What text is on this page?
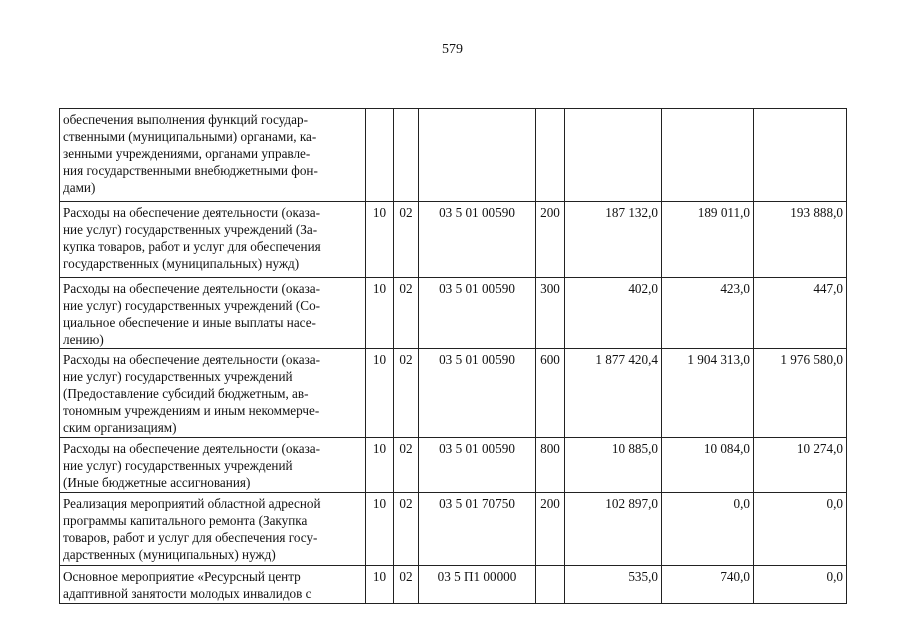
579
обеспечения выполнения функций государ-
ственными (муниципальными) органами, ка-
зенными учреждениями, органами управле-
ния государственными внебюджетными фон-
дами)							

Расходы на обеспечение деятельности (оказа-
ние услуг) государственных учреждений (За-
купка товаров, работ и услуг для обеспечения
государственных (муниципальных) нужд)	10	02	03 5 01 00590	200	187 132,0	189 011,0	193 888,0

Расходы на обеспечение деятельности (оказа-
ние услуг) государственных учреждений (Со-
циальное обеспечение и иные выплаты насе-
лению)	10	02	03 5 01 00590	300	402,0	423,0	447,0

Расходы на обеспечение деятельности (оказа-
ние услуг) государственных учреждений
(Предоставление субсидий бюджетным, ав-
тономным учреждениям и иным некоммерче-
ским организациям)	10	02	03 5 01 00590	600	1 877 420,4	1 904 313,0	1 976 580,0

Расходы на обеспечение деятельности (оказа-
ние услуг) государственных учреждений
(Иные бюджетные ассигнования)	10	02	03 5 01 00590	800	10 885,0	10 084,0	10 274,0

Реализация мероприятий областной адресной
программы капитального ремонта (Закупка
товаров, работ и услуг для обеспечения госу-
дарственных (муниципальных) нужд)	10	02	03 5 01 70750	200	102 897,0	0,0	0,0

Основное мероприятие «Ресурсный центр
адаптивной занятости молодых инвалидов с	10	02	03 5 П1 00000		535,0	740,0	0,0
